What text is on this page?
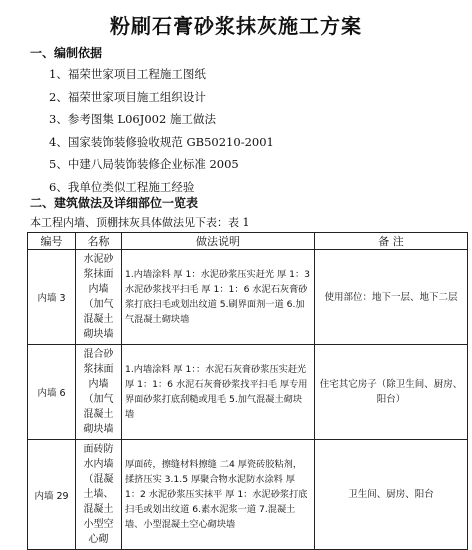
粉刷石膏砂浆抹灰施工方案
一、编制依据
1、福荣世家项目工程施工图纸
2、福荣世家项目施工组织设计
3、参考图集 L06J002 施工做法
4、国家装饰装修验收规范 GB50210-2001
5、中建八局装饰装修企业标准 2005
6、我单位类似工程施工经验
二、建筑做法及详细部位一览表
本工程内墙、顶棚抹灰具体做法见下表：表 1
编号	名称	做法说明	备 注
内墙 3	水泥砂浆抹面内墙（加气混凝土砌块墙	1.内墙涂料 厚 1：水泥砂浆压实赶光 厚 1：3 水泥砂浆找平扫毛 厚 1：1：6 水泥石灰膏砂浆打底扫毛或划出纹道 5.刷界面剂一道 6.加气混凝土砌块墙	使用部位：地下一层、地下二层
内墙 6	混合砂浆抹面内墙（加气混凝土砌块墙	1.内墙涂料 厚 1：：水泥石灰膏砂浆压实赶光 厚 1：1：6 水泥石灰膏砂浆找平扫毛 厚专用界面砂浆打底刮糙或甩毛 5.加气混凝土砌块墙	住宅其它房子（除卫生间、厨房、阳台）
内墙 29	面砖防水内墙（混凝土墙、混凝土小型空心砌	厚面砖，擦缝材料擦缝 二4 厚瓷砖胶粘剂，揉挤压实 3.1.5 厚聚合物水泥防水涂料 厚 1：2 水泥砂浆压实抹平 厚 1：水泥砂浆打底扫毛或划出纹道 6.素水泥浆一道 7.混凝土墙、小型混凝土空心砌块墙	卫生间、厨房、阳台
